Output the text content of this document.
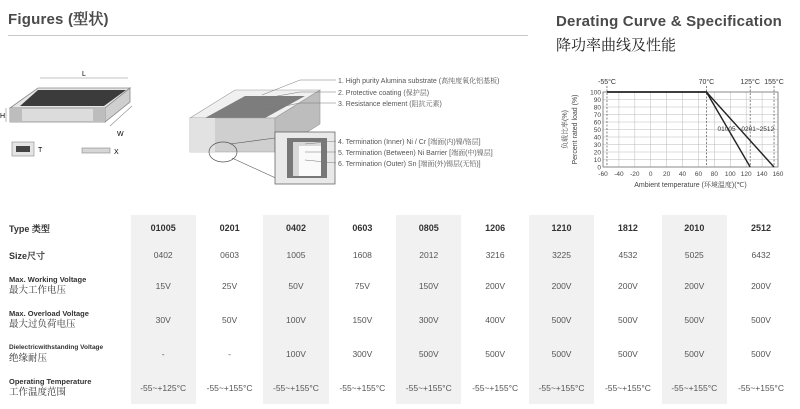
Figures (型状)
L
W
H
T	X
1. High purity Alumina substrate (高纯度氧化铝基板)
2. Protective coating (保护层)
3. Resistance element (阻抗元素)
4. Termination (Inner) Ni / Cr [端面(内)镍/铬层]
5. Termination (Between) Ni Barrier [端面(中)镍层]
6. Termination (Outer) Sn [端面(外)锡层(无铅)]
Derating Curve & Specification
降功率曲线及性能
-55°C	70°C	125°C 155°C
01005 0201~2512
100
90
80
70
60
50
40
30
20
10
0
-60 -40 -20 0 20 40 60 80 100 120 140 160
Ambient temperature (环境温度)(℃)
负载比率(%) Percent rated load (%)
Type 类型	01005	0201	0402	0603	0805	1206	1210	1812	2010	2512
Size尺寸	0402	0603	1005	1608	2012	3216	3225	4532	5025	6432

Max. Working Voltage
最大工作电压	15V	25V	50V	75V	150V	200V	200V	200V	200V	200V

Max. Overload Voltage
最大过负荷电压	30V	50V	100V	150V	300V	400V	500V	500V	500V	500V

Dielectricwithstanding Voltage
绝缘耐压	-	-	100V	300V	500V	500V	500V	500V	500V	500V

Operating Temperature
工作温度范围	-55~+125°C	-55~+155°C	-55~+155°C	-55~+155°C	-55~+155°C	-55~+155°C	-55~+155°C	-55~+155°C	-55~+155°C	-55~+155°C
